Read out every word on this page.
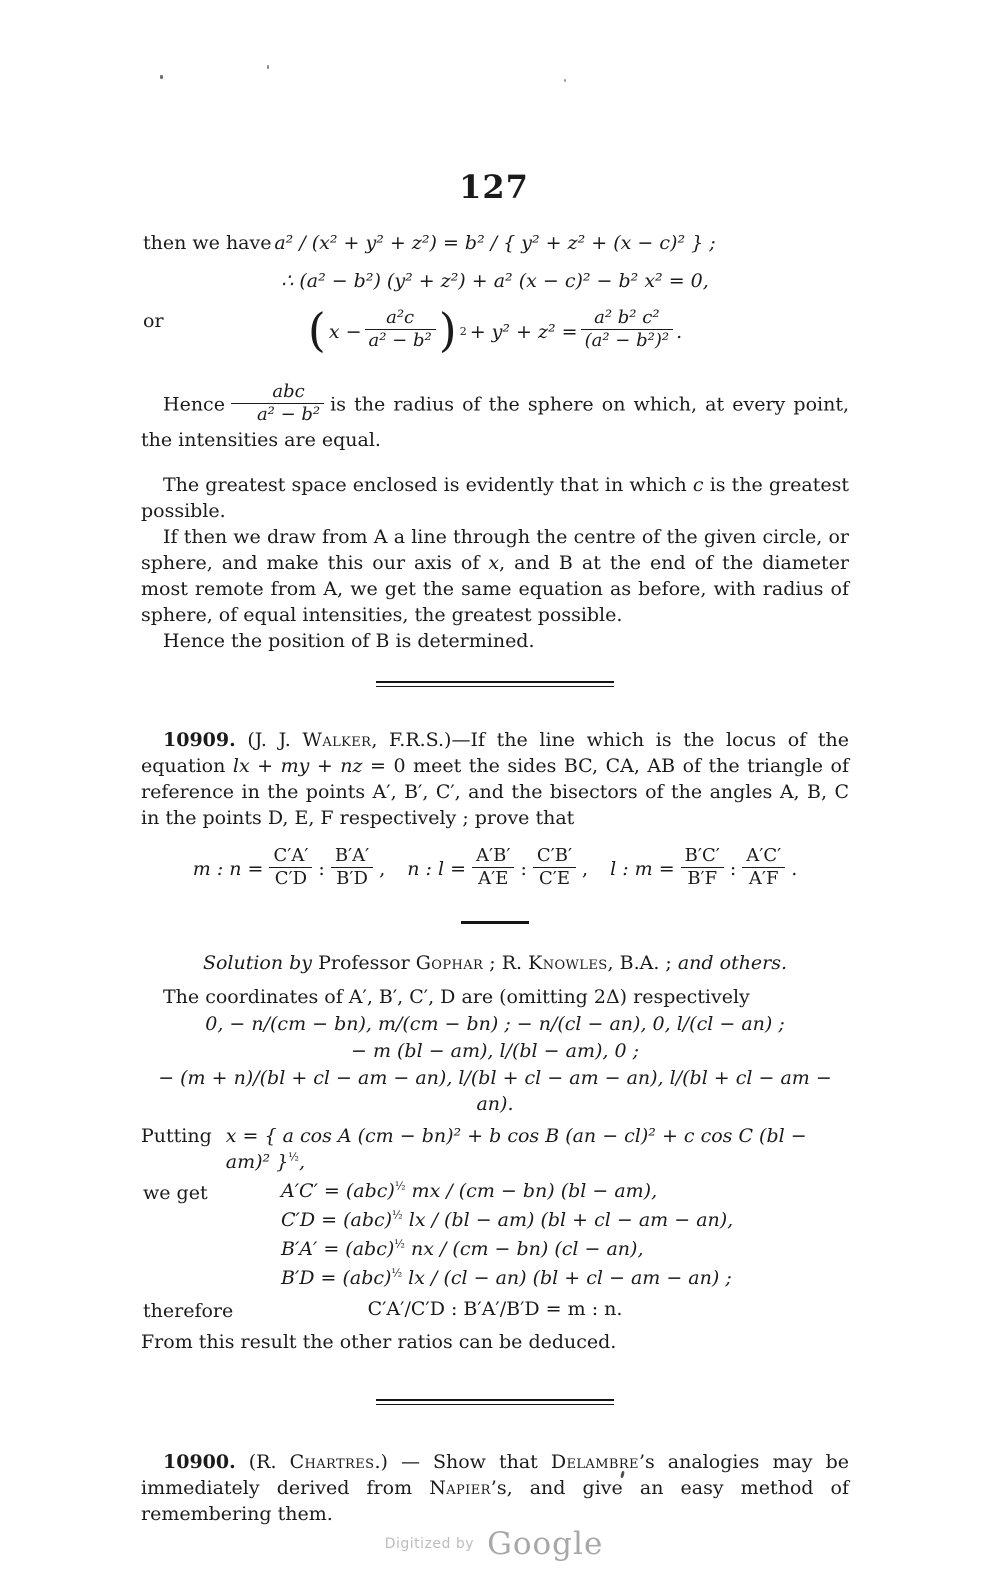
127
then we have a² / (x² + y² + z²) = b² / { y² + z² + (x − c)² } ;
∴ (a² − b²) (y² + z²) + a² (x − c)² − b² x² = 0,
or	( $x - \frac{\text{a²c}}{\text{a² − b²}}$ ) $2 + y^2 + z^2 = \frac{\text{a² b² c²}}{\text{(a² − b²)²}}$ .

Hence $\frac{\text{abc}}{\text{a² − b²}}$ is the radius of the sphere on which, at every point, the intensities are equal.

The greatest space enclosed is evidently that in which c is the greatest possible.

If then we draw from A a line through the centre of the given circle, or sphere, and make this our axis of x, and B at the end of the diameter most remote from A, we get the same equation as before, with radius of sphere, of equal intensities, the greatest possible.

Hence the position of B is determined.

10909. (J. J. Walker, F.R.S.)—If the line which is the locus of the equation lx + my + nz = 0 meet the sides BC, CA, AB of the triangle of reference in the points A′, B′, C′, and the bisectors of the angles A, B, C in the points D, E, F respectively ; prove that

m : $n = \frac{C'A'}{C'D}$ : $\frac{B'A'}{B'D}$ , n : $l = \frac{A'B'}{A'E}$ : $\frac{C'B'}{C'E}$ , l : $m = \frac{B'C'}{B'F}$ : $\frac{A'C'}{A'F}$ .
Solution by Professor Gophar ; R. Knowles, B.A. ; and others.

The coordinates of A′, B′, C′, D are (omitting 2Δ) respectively

0, − n/(cm − bn), m/(cm − bn) ; − n/(cl − an), 0, l/(cl − an) ;
− m (bl − am), l/(bl − am), 0 ;
− (m + n)/(bl + cl − am − an), l/(bl + cl − am − an), l/(bl + cl − am − an).
Putting x = { a cos A (cm − bn)² + b cos B (an − cl)² + c cos C (bl − am)² }$^{\frac{1}{2}}$,
we get	A′C′ = (abc)$^{\frac{1}{2}}$ mx / (cm − bn) (bl − am),
C′D = (abc)$^{\frac{1}{2}}$ lx / (bl − am) (bl + cl − am − an),
B′A′ = (abc)$^{\frac{1}{2}}$ nx / (cm − bn) (cl − an),
B′D = (abc)$^{\frac{1}{2}}$ lx / (cl − an) (bl + cl − am − an) ;
therefore	C′A′/C′D : B′A′/B′D = m : n.

From this result the other ratios can be deduced.

10900. (R. Chartres.) — Show that Delambre’s analogies may be immediately derived from Napier’s, and give an easy method of remembering them.

Digitized by Google
